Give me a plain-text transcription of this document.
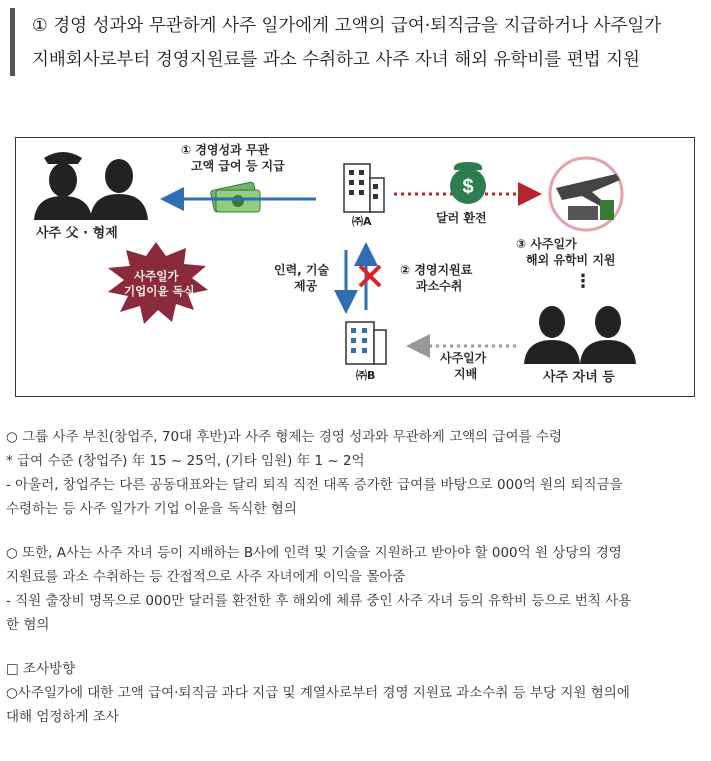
① 경영 성과와 무관하게 사주 일가에게 고액의 급여·퇴직금을 지급하거나 사주일가
지배회사로부터 경영지원료를 과소 수취하고 사주 자녀 해외 유학비를 편법 지원
$
사주 父 · 형제
① 경영성과 무관
고액 급여 등 지급
㈜A	달러 환전
③ 사주일가
해외 유학비 지원
사주일가
기업이윤 독식
인력, 기술
제공
② 경영지원료
과소수취	⋮
㈜B
사주일가
지배	사주 자녀 등

○ 그룹 사주 부친(창업주, 70대 후반)과 사주 형제는 경영 성과와 무관하게 고액의 급여를 수령

* 급여 수준 (창업주) 年 15 ~ 25억, (기타 임원) 年 1 ~ 2억

- 아울러, 창업주는 다른 공동대표와는 달리 퇴직 직전 대폭 증가한 급여를 바탕으로 000억 원의 퇴직금을

수령하는 등 사주 일가가 기업 이윤을 독식한 혐의

○ 또한, A사는 사주 자녀 등이 지배하는 B사에 인력 및 기술을 지원하고 받아야 할 000억 원 상당의 경영

지원료를 과소 수취하는 등 간접적으로 사주 자녀에게 이익을 몰아줌

- 직원 출장비 명목으로 000만 달러를 환전한 후 해외에 체류 중인 사주 자녀 등의 유학비 등으로 번칙 사용

한 혐의

□ 조사방향

○사주일가에 대한 고액 급여·퇴직금 과다 지급 및 계열사로부터 경영 지원료 과소수취 등 부당 지원 혐의에

대해 엄정하게 조사
